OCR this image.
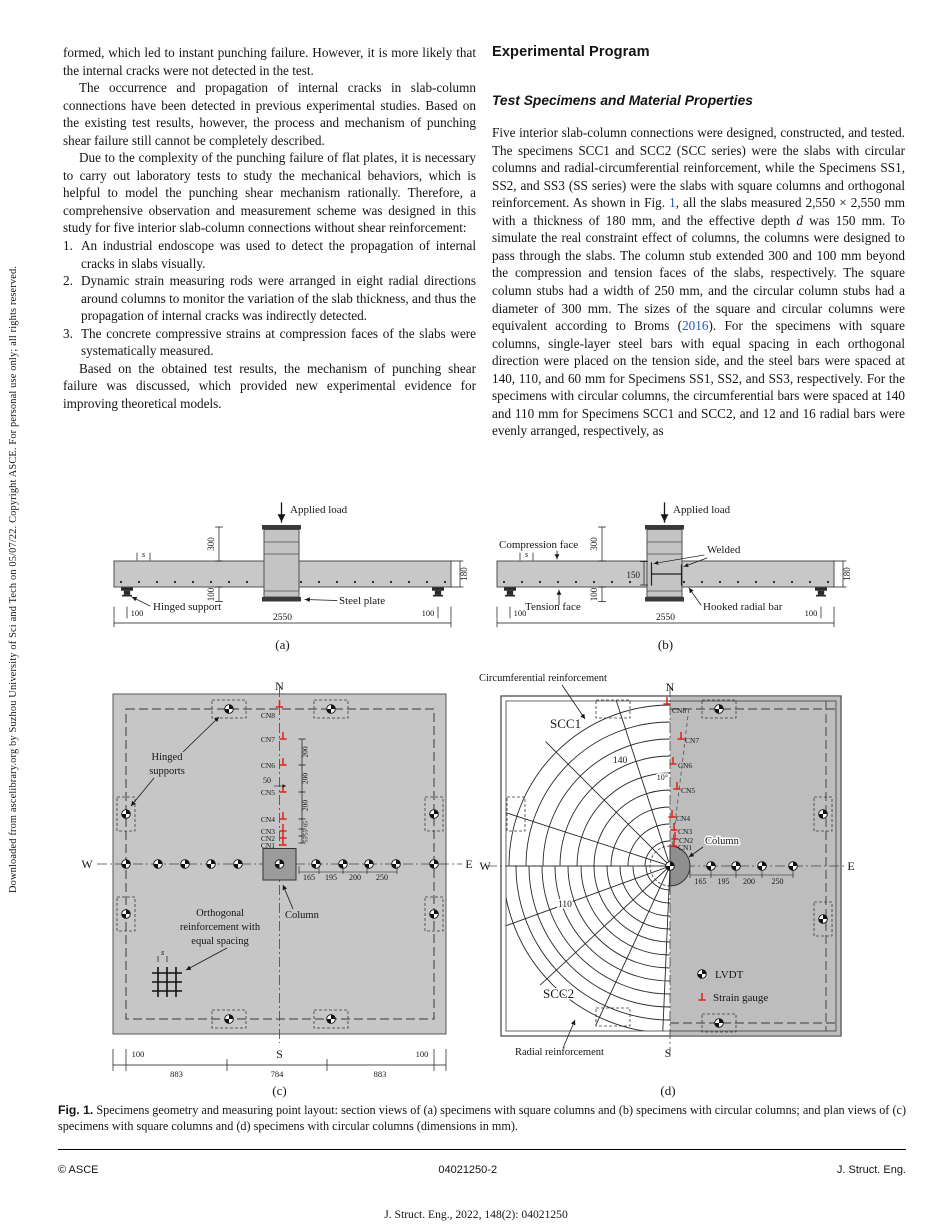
Downloaded from ascelibrary.org by Suzhou University of Sci and Tech on 05/07/22. Copyright ASCE. For personal use only; all rights reserved.

formed, which led to instant punching failure. However, it is more likely that the internal cracks were not detected in the test.

The occurrence and propagation of internal cracks in slab-column connections have been detected in previous experimental studies. Based on the existing test results, however, the process and mechanism of punching shear failure still cannot be completely described.

Due to the complexity of the punching failure of flat plates, it is necessary to carry out laboratory tests to study the mechanical behaviors, which is helpful to model the punching shear mechanism rationally. Therefore, a comprehensive observation and measurement scheme was designed in this study for five interior slab-column connections without shear reinforcement:

1. An industrial endoscope was used to detect the propagation of internal cracks in slabs visually.
2. Dynamic strain measuring rods were arranged in eight radial directions around columns to monitor the variation of the slab thickness, and thus the propagation of internal cracks was indirectly detected.
3. The concrete compressive strains at compression faces of the slabs were systematically measured.

Based on the obtained test results, the mechanism of punching shear failure was discussed, which provided new experimental evidence for improving theoretical models.

Experimental Program
Test Specimens and Material Properties

Five interior slab-column connections were designed, constructed, and tested. The specimens SCC1 and SCC2 (SCC series) were the slabs with circular columns and radial-circumferential reinforcement, while the Specimens SS1, SS2, and SS3 (SS series) were the slabs with square columns and orthogonal reinforcement. As shown in Fig. 1, all the slabs measured 2,550 × 2,550 mm with a thickness of 180 mm, and the effective depth d was 150 mm. To simulate the real constraint effect of columns, the columns were designed to pass through the slabs. The column stub extended 300 and 100 mm beyond the compression and tension faces of the slabs, respectively. The square column stubs had a width of 250 mm, and the circular column stubs had a diameter of 300 mm. The sizes of the square and circular columns were equivalent according to Broms (2016). For the specimens with square columns, single-layer steel bars with equal spacing in each orthogonal direction were placed on the tension side, and the steel bars were spaced at 140, 110, and 60 mm for Specimens SS1, SS2, and SS3, respectively. For the specimens with circular columns, the circumferential bars were spaced at 140 and 110 mm for Specimens SCC1 and SCC2, and 12 and 16 radial bars were evenly arranged, respectively, as

Applied load
300
100
180
Hinged support	Steel plate
s
100	100
2550
(a)
Applied load
Compression face	Welded
300
100
150
Tension face	Hooked radial bar
180
s
100	100
2550
(b)
N
CN1
CN2
CN3
CN4
CN5
CN6
CN7
CN8
50
200
200
200
85
55
55
Hinged
supports
165 195 200 250
Orthogonal
reinforcement with
equal spacing
s
Column
W	E
100	100
S
883	784	883
(c)
CN1
CN2
CN3
CN4
CN5
CN6
CN7
CN8
10°
140
110
SCC1
SCC2
Circumferential reinforcement
Column
165 195 200 250
LVDT
Strain gauge
Radial reinforcement
N
W	E
S
(d)
Fig. 1. Specimens geometry and measuring point layout: section views of (a) specimens with square columns and (b) specimens with circular columns; and plan views of (c) specimens with square columns and (d) specimens with circular columns (dimensions in mm).
© ASCE	04021250-2	J. Struct. Eng.
J. Struct. Eng., 2022, 148(2): 04021250
